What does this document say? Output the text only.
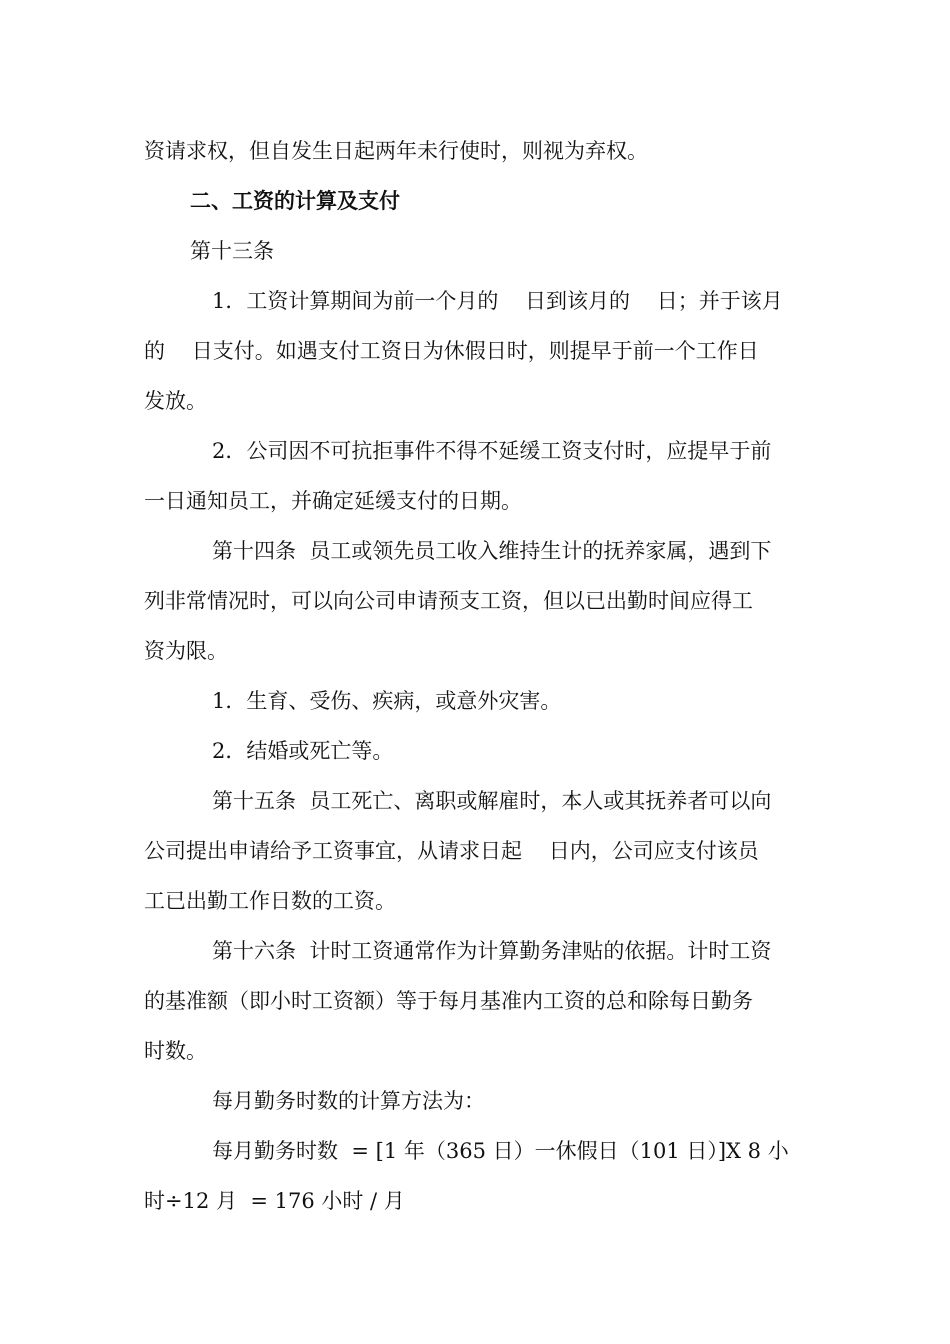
资请求权，但自发生日起两年未行使时，则视为弃权。
二、工资的计算及支付
第十三条
1．工资计算期间为前一个月的    日到该月的    日；并于该月
的    日支付。如遇支付工资日为休假日时，则提早于前一个工作日
发放。
2．公司因不可抗拒事件不得不延缓工资支付时，应提早于前
一日通知员工，并确定延缓支付的日期。
第十四条  员工或领先员工收入维持生计的抚养家属，遇到下
列非常情况时，可以向公司申请预支工资，但以已出勤时间应得工
资为限。
1．生育、受伤、疾病，或意外灾害。
2．结婚或死亡等。
第十五条  员工死亡、离职或解雇时，本人或其抚养者可以向
公司提出申请给予工资事宜，从请求日起    日内，公司应支付该员
工已出勤工作日数的工资。
第十六条  计时工资通常作为计算勤务津贴的依据。计时工资
的基准额（即小时工资额）等于每月基准内工资的总和除每日勤务
时数。
每月勤务时数的计算方法为：
每月勤务时数  = [1 年（365 日）一休假日（101 日）]X 8 小
时÷12 月  = 176 小时 / 月
